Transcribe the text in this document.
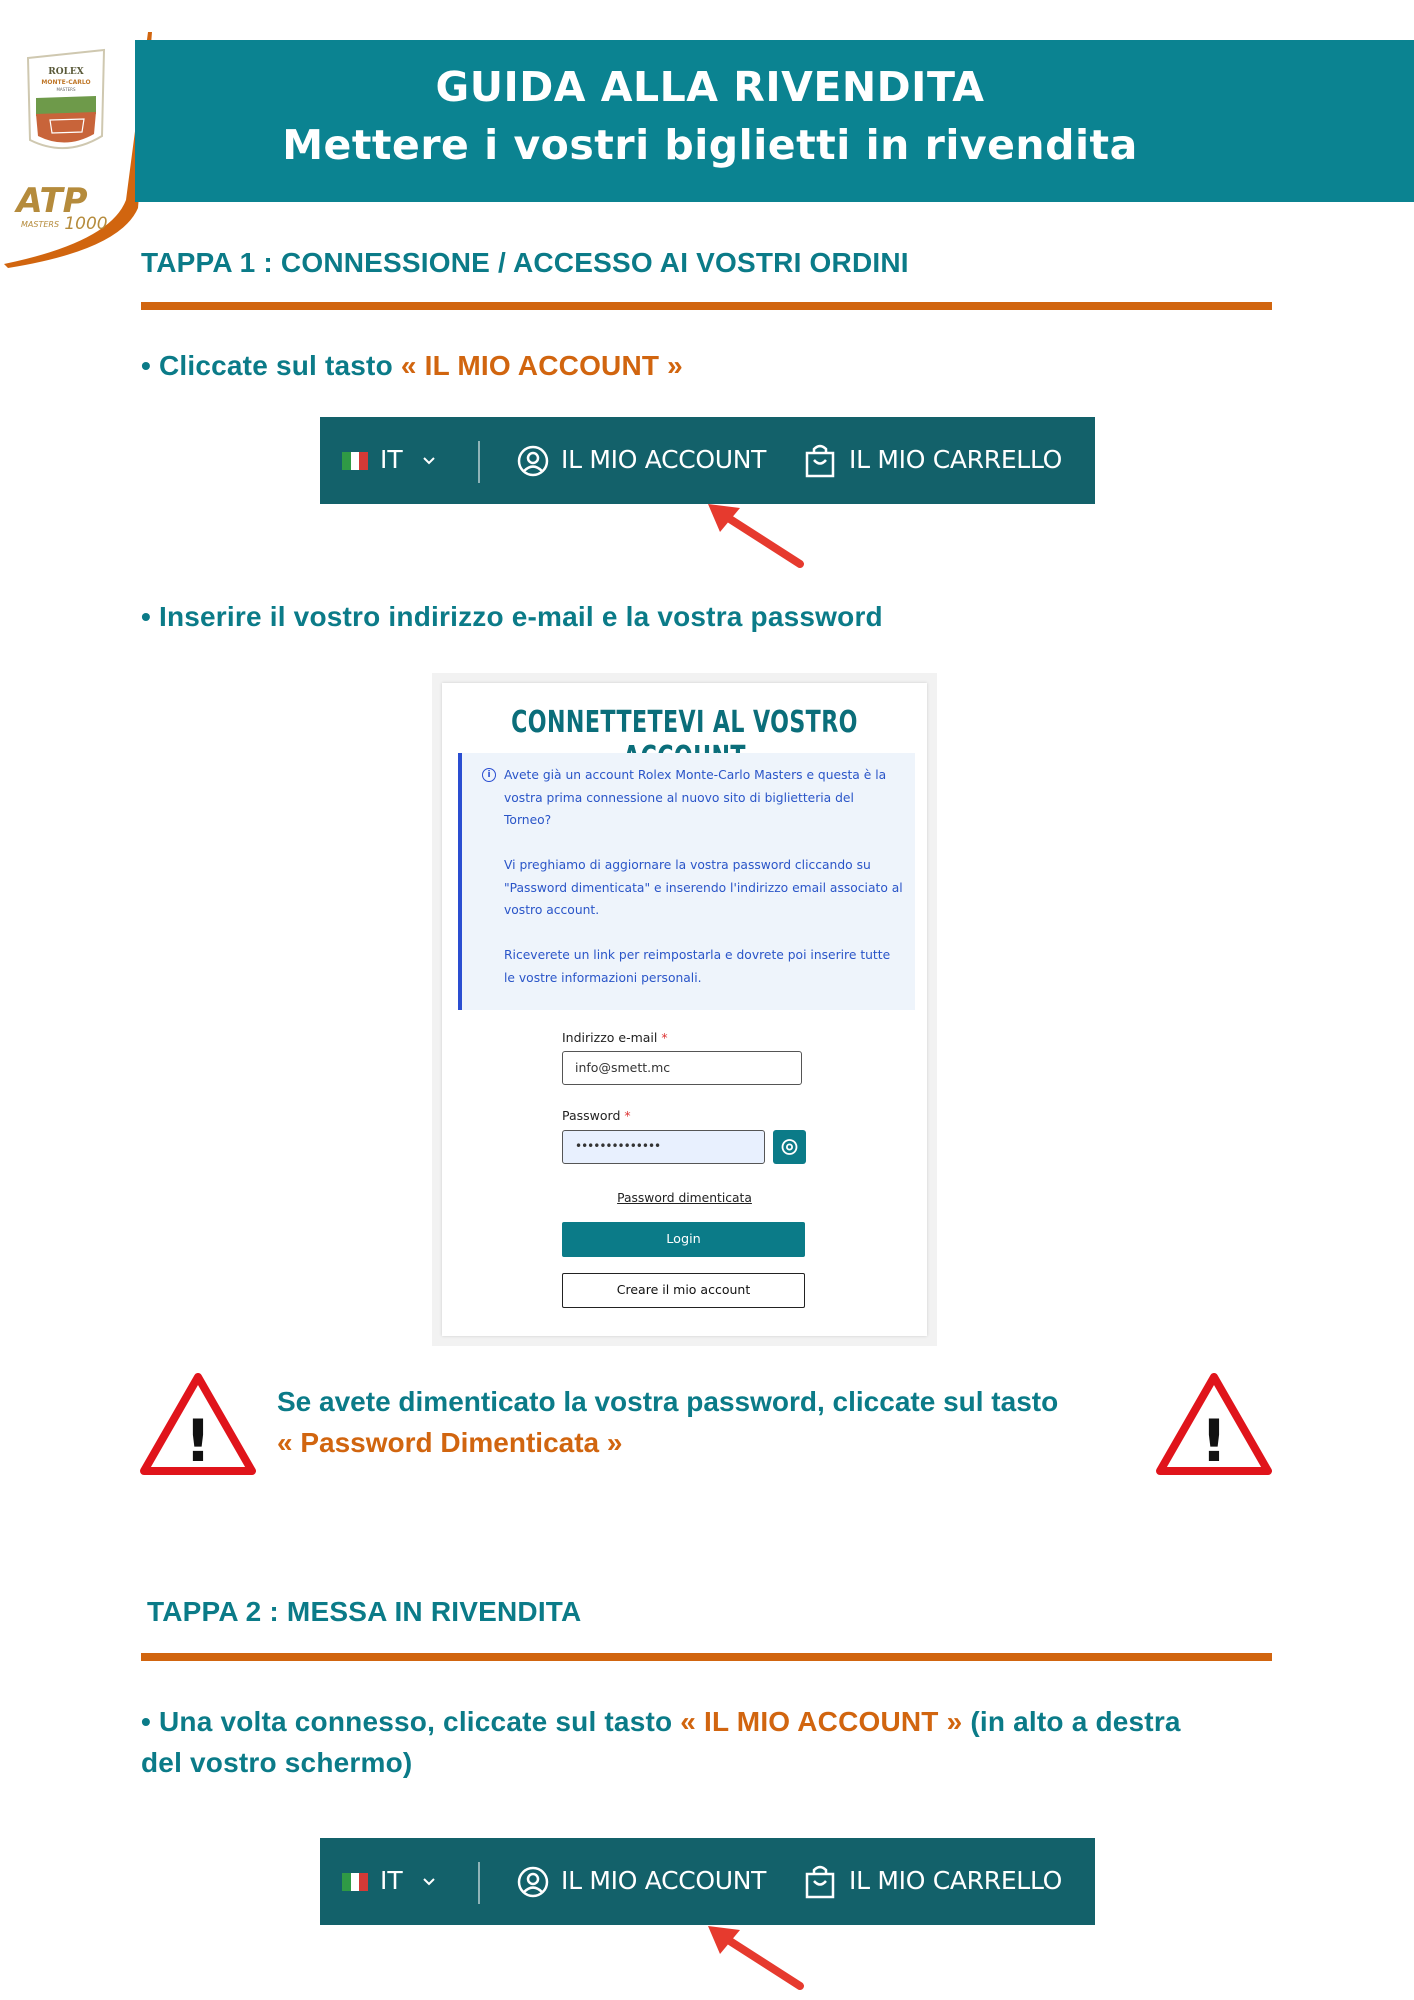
ROLEX
MONTE-CARLO
MASTERS
ATP
MASTERS 1000
GUIDA ALLA RIVENDITA
Mettere i vostri biglietti in rivendita
TAPPA 1 : CONNESSIONE / ACCESSO AI VOSTRI ORDINI
• Cliccate sul tasto « IL MIO ACCOUNT »
IT	IL MIO ACCOUNT	IL MIO CARRELLO
• Inserire il vostro indirizzo e-mail e la vostra password
CONNETTETEVI AL VOSTRO
i	Avete già un account Rolex Monte-Carlo Masters e questa è la vostra prima connessione al nuovo sito di biglietteria del Torneo?
Vi preghiamo di aggiornare la vostra password cliccando su "Password dimenticata" e inserendo l'indirizzo email associato al vostro account.
Riceverete un link per reimpostarla e dovrete poi inserire tutte le vostre informazioni personali.
Indirizzo e-mail *
info@smett.mc
Password *
••••••••••••••
Password dimenticata
Login
Creare il mio account
!
Se avete dimenticato la vostra password, cliccate sul tasto
« Password Dimenticata »	!
TAPPA 2 : MESSA IN RIVENDITA
• Una volta connesso, cliccate sul tasto « IL MIO ACCOUNT » (in alto a destra
del vostro schermo)
IT	IL MIO ACCOUNT	IL MIO CARRELLO
